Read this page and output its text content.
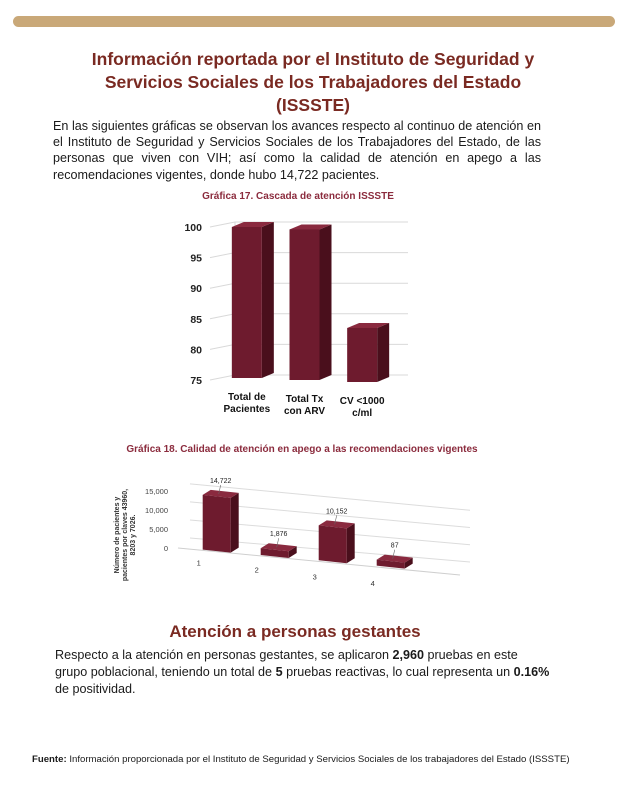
Información reportada por el Instituto de Seguridad y
Servicios Sociales de los Trabajadores del Estado
(ISSSTE)
En las siguientes gráficas se observan los avances respecto al continuo de atención en el Instituto de Seguridad y Servicios Sociales de los Trabajadores del Estado, de las personas que viven con VIH; así como la calidad de atención en apego a las recomendaciones vigentes, donde hubo 14,722 pacientes.
Gráfica 17. Cascada de atención ISSSTE
75
80
85
90
95
100
Total de
Pacientes
Total Tx
con ARV
CV <1000
c/ml
Gráfica 18. Calidad de atención en apego a las recomendaciones vigentes
0
5,000
10,000
15,000
Número de pacientes y pacientes por claves 43960, 8203 y 7026.
14,722
1
1,876
2
10,152
3
87
4
Atención a personas gestantes
Respecto a la atención en personas gestantes, se aplicaron 2,960 pruebas en este grupo poblacional, teniendo un total de 5 pruebas reactivas, lo cual representa un 0.16% de positividad.
Fuente: Información proporcionada por el Instituto de Seguridad y Servicios Sociales de los trabajadores del Estado (ISSSTE)
